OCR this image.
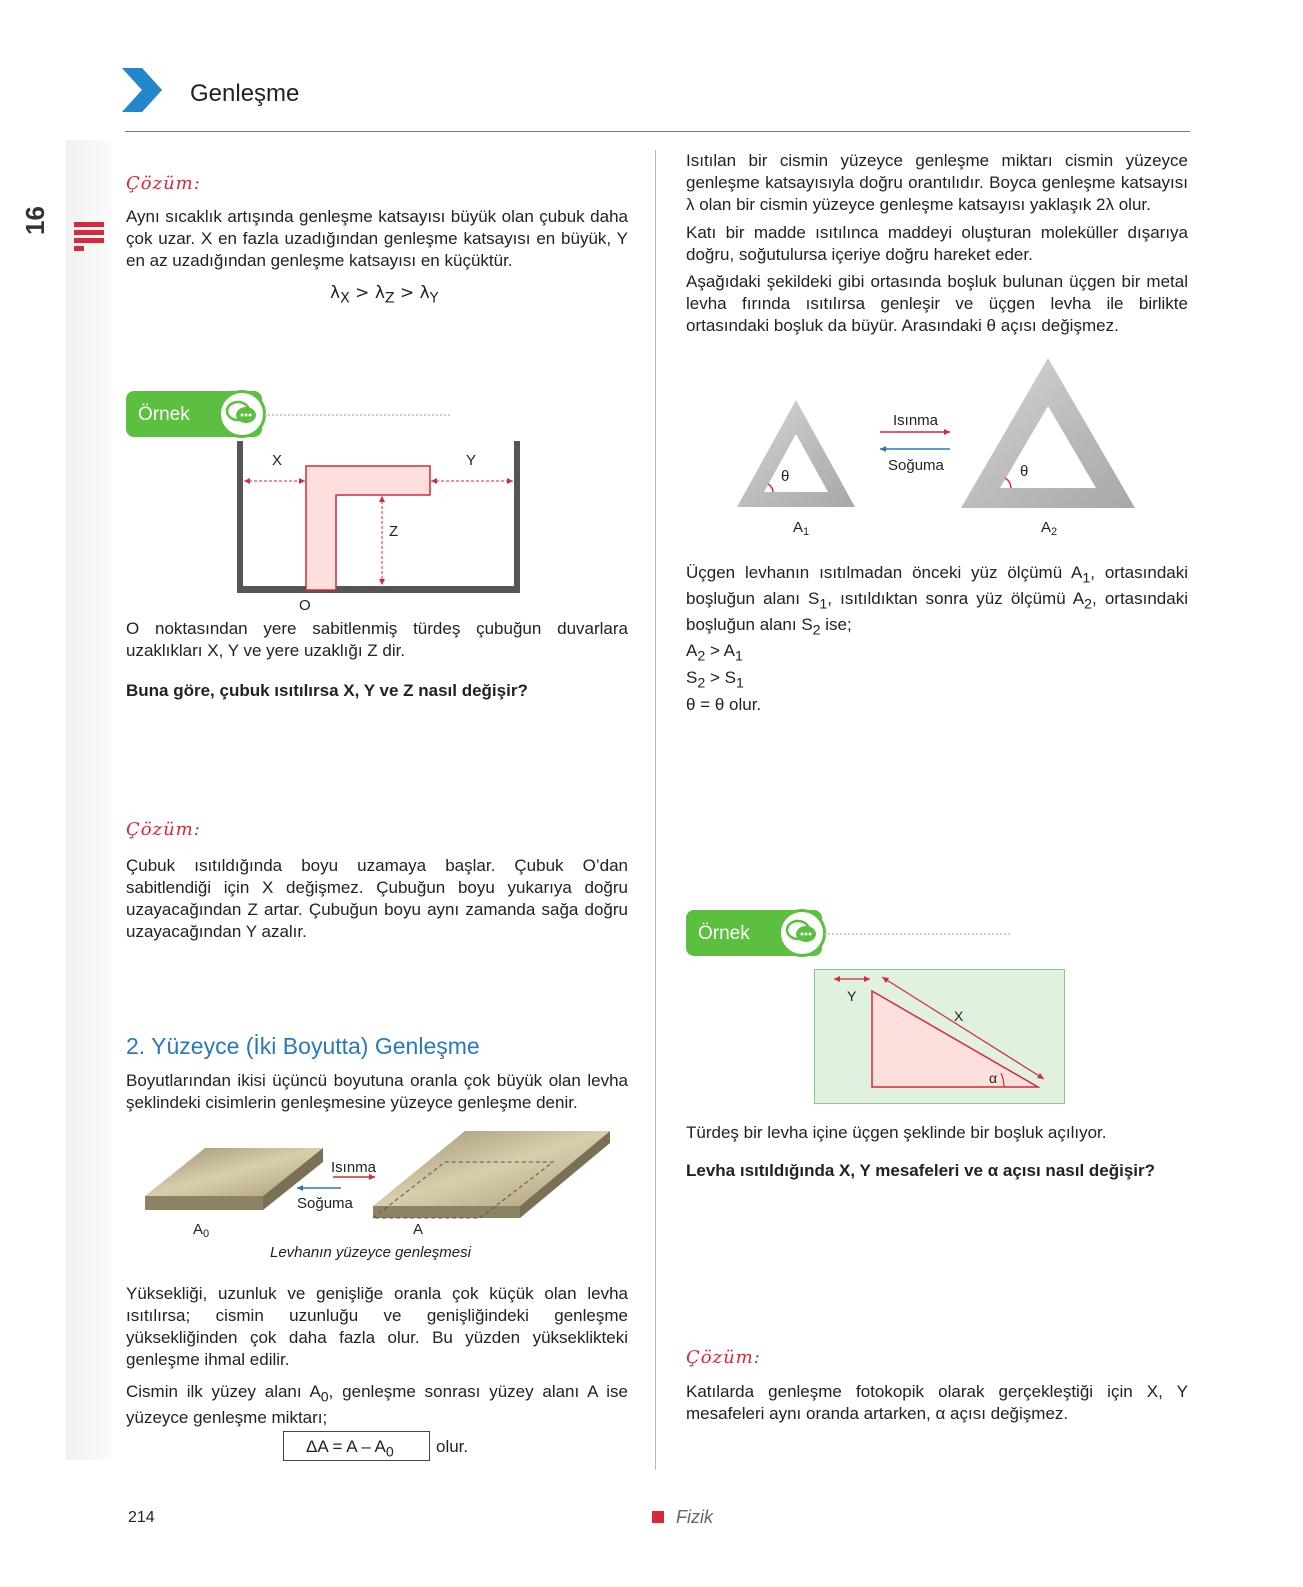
Genleşme
16
Çözüm:

Aynı sıcaklık artışında genleşme katsayısı büyük olan çubuk daha çok uzar. X en fazla uzadığından genleşme katsayısı en büyük, Y en az uzadığından genleşme katsayısı en küçüktür.

$\lambda_X > \lambda_Z > \lambda_Y$
Örnek
X	Y
Z
O

O noktasından yere sabitlenmiş türdeş çubuğun duvarlara uzaklıkları X, Y ve yere uzaklığı Z dir.

Buna göre, çubuk ısıtılırsa X, Y ve Z nasıl değişir?

Çözüm:

Çubuk ısıtıldığında boyu uzamaya başlar. Çubuk O’dan sabitlendiği için X değişmez. Çubuğun boyu yukarıya doğru uzayacağından Z artar. Çubuğun boyu aynı zamanda sağa doğru uzayacağından Y azalır.

2. Yüzeyce (İki Boyutta) Genleşme

Boyutlarından ikisi üçüncü boyutuna oranla çok büyük olan levha şeklindeki cisimlerin genleşmesine yüzeyce genleşme denir.

Isınma
Soğuma
$A_0$	A
Levhanın yüzeyce genleşmesi

Yüksekliği, uzunluk ve genişliğe oranla çok küçük olan levha ısıtılırsa; cismin uzunluğu ve genişliğindeki genleşme yüksekliğinden çok daha fazla olur. Bu yüzden yükseklikteki genleşme ihmal edilir.

Cismin ilk yüzey alanı $A_0$, genleşme sonrası yüzey alanı A ise yüzeyce genleşme miktarı;

$\Delta A = A - A_0$ olur.

Isıtılan bir cismin yüzeyce genleşme miktarı cismin yüzeyce genleşme katsayısıyla doğru orantılıdır. Boyca genleşme katsayısı λ olan bir cismin yüzeyce genleşme katsayısı yaklaşık 2λ olur.

Katı bir madde ısıtılınca maddeyi oluşturan moleküller dışarıya doğru, soğutulursa içeriye doğru hareket eder.

Aşağıdaki şekildeki gibi ortasında boşluk bulunan üçgen bir metal levha fırında ısıtılırsa genleşir ve üçgen levha ile birlikte ortasındaki boşluk da büyür. Arasındaki θ açısı değişmez.

θ	θ
Isınma
Soğuma
$A_1$	$A_2$

Üçgen levhanın ısıtılmadan önceki yüz ölçümü $A_1$, ortasındaki boşluğun alanı $S_1$, ısıtıldıktan sonra yüz ölçümü $A_2$, ortasındaki boşluğun alanı $S_2$ ise;

$A_2 > A_1$
$S_2 > S_1$
θ = θ olur.
Örnek
Y
X
α

Türdeş bir levha içine üçgen şeklinde bir boşluk açılıyor.

Levha ısıtıldığında X, Y mesafeleri ve α açısı nasıl değişir?

Çözüm:

Katılarda genleşme fotokopik olarak gerçekleştiği için X, Y mesafeleri aynı oranda artarken, α açısı değişmez.

214	Fizik
